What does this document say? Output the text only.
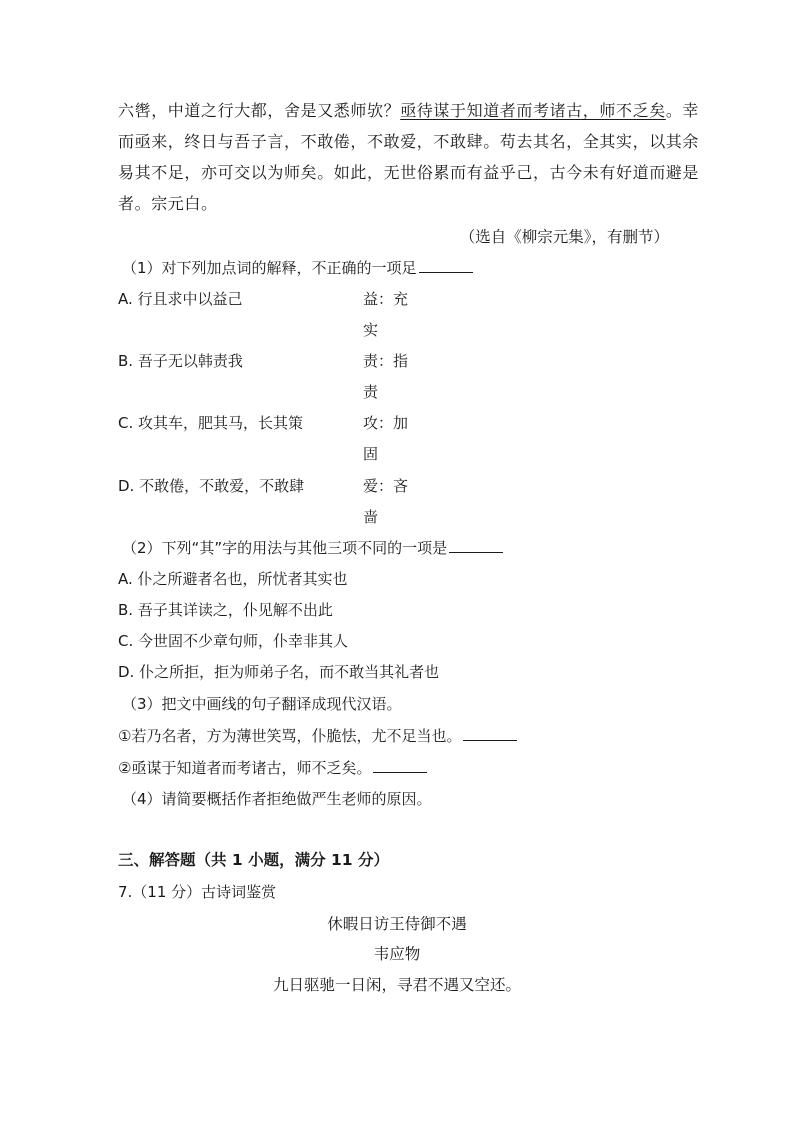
六辔，中道之行大都，舍是又悉师欤？亟待谋于知道者而考诸古，师不乏矣。幸
而亟来，终日与吾子言，不敢倦，不敢爱，不敢肆。苟去其名，全其实，以其余
易其不足，亦可交以为师矣。如此，无世俗累而有益乎己，古今未有好道而避是
者。宗元白。
（选自《柳宗元集》，有删节）
（1）对下列加点词的解释，不正确的一项足
A. 行且求中以益己	益：充
实
B. 吾子无以韩责我	责：指
责
C. 攻其车，肥其马，长其策	攻：加
固
D. 不敢倦，不敢爱，不敢肆	爱：吝
啬
（2）下列“其”字的用法与其他三项不同的一项是
A. 仆之所避者名也，所忧者其实也
B. 吾子其详读之，仆见解不出此
C. 今世固不少章句师，仆幸非其人
D. 仆之所拒，拒为师弟子名，而不敢当其礼者也
（3）把文中画线的句子翻译成现代汉语。
①若乃名者，方为薄世笑骂，仆脆怯，尤不足当也。
②亟谋于知道者而考诸古，师不乏矣。
（4）请简要概括作者拒绝做严生老师的原因。
三、解答题（共 1 小题，满分 11 分）
7.（11 分）古诗词鉴赏
休暇日访王侍御不遇
韦应物
九日驱驰一日闲，寻君不遇又空还。
